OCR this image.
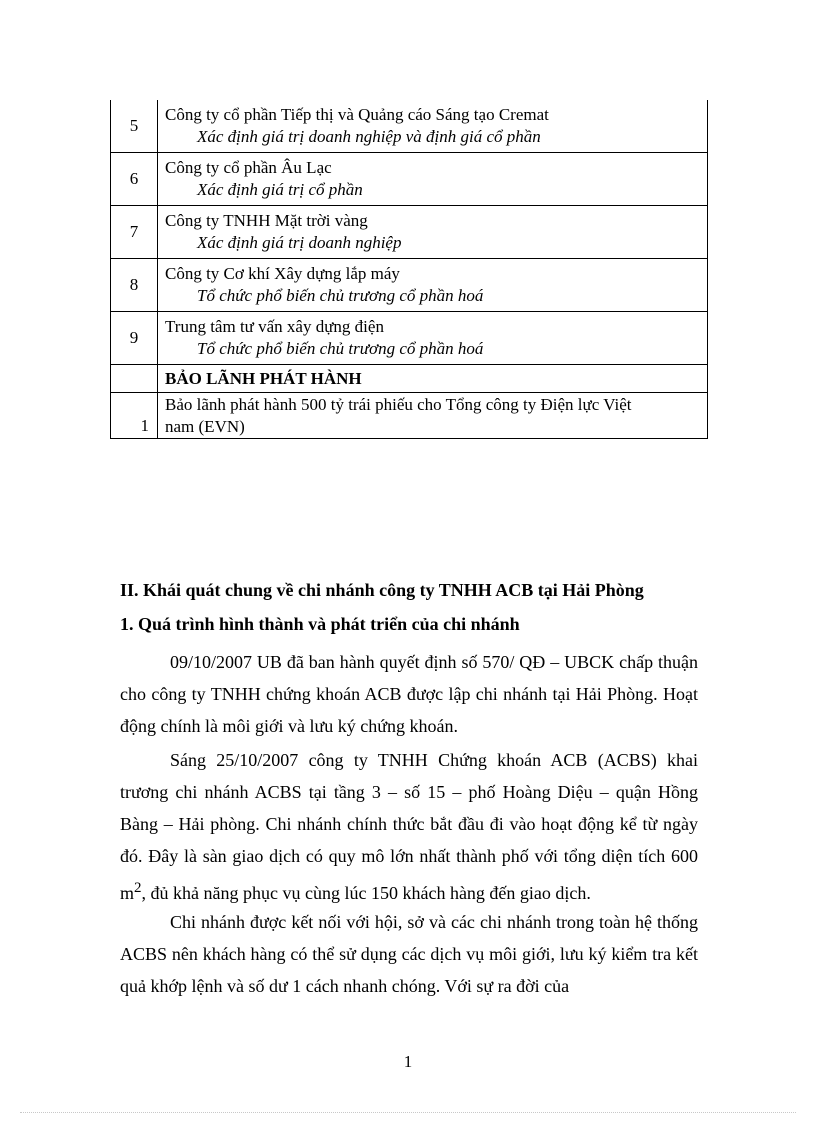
5	Công ty cổ phần Tiếp thị và Quảng cáo Sáng tạo Cremat
Xác định giá trị doanh nghiệp và định giá cổ phần

6	Công ty cổ phần Âu Lạc
Xác định giá trị cổ phần

7	Công ty TNHH Mặt trời vàng
Xác định giá trị doanh nghiệp

8	Công ty Cơ khí Xây dựng lắp máy
Tổ chức phổ biến chủ trương cổ phần hoá

9	Trung tâm tư vấn xây dựng điện
Tổ chức phổ biến chủ trương cổ phần hoá

	BẢO LÃNH PHÁT HÀNH
1	Bảo lãnh phát hành 500 tỷ trái phiếu cho Tổng công ty Điện lực Việt
nam (EVN)
II. Khái quát chung về chi nhánh công ty TNHH ACB tại Hải Phòng
1. Quá trình hình thành và phát triển của chi nhánh

09/10/2007 UB đã ban hành quyết định số 570/ QĐ – UBCK chấp thuận cho công ty TNHH chứng khoán ACB được lập chi nhánh tại Hải Phòng. Hoạt động chính là môi giới và lưu ký chứng khoán.

Sáng 25/10/2007 công ty TNHH Chứng khoán ACB (ACBS) khai trương chi nhánh ACBS tại tầng 3 – số 15 – phố Hoàng Diệu – quận Hồng Bàng – Hải phòng. Chi nhánh chính thức bắt đầu đi vào hoạt động kể từ ngày đó. Đây là sàn giao dịch có quy mô lớn nhất thành phố với tổng diện tích 600 $m^2$, đủ khả năng phục vụ cùng lúc 150 khách hàng đến giao dịch.

Chi nhánh được kết nối với hội, sở và các chi nhánh trong toàn hệ thống ACBS nên khách hàng có thể sử dụng các dịch vụ môi giới, lưu ký kiểm tra kết quả khớp lệnh và số dư 1 cách nhanh chóng. Với sự ra đời của

1
